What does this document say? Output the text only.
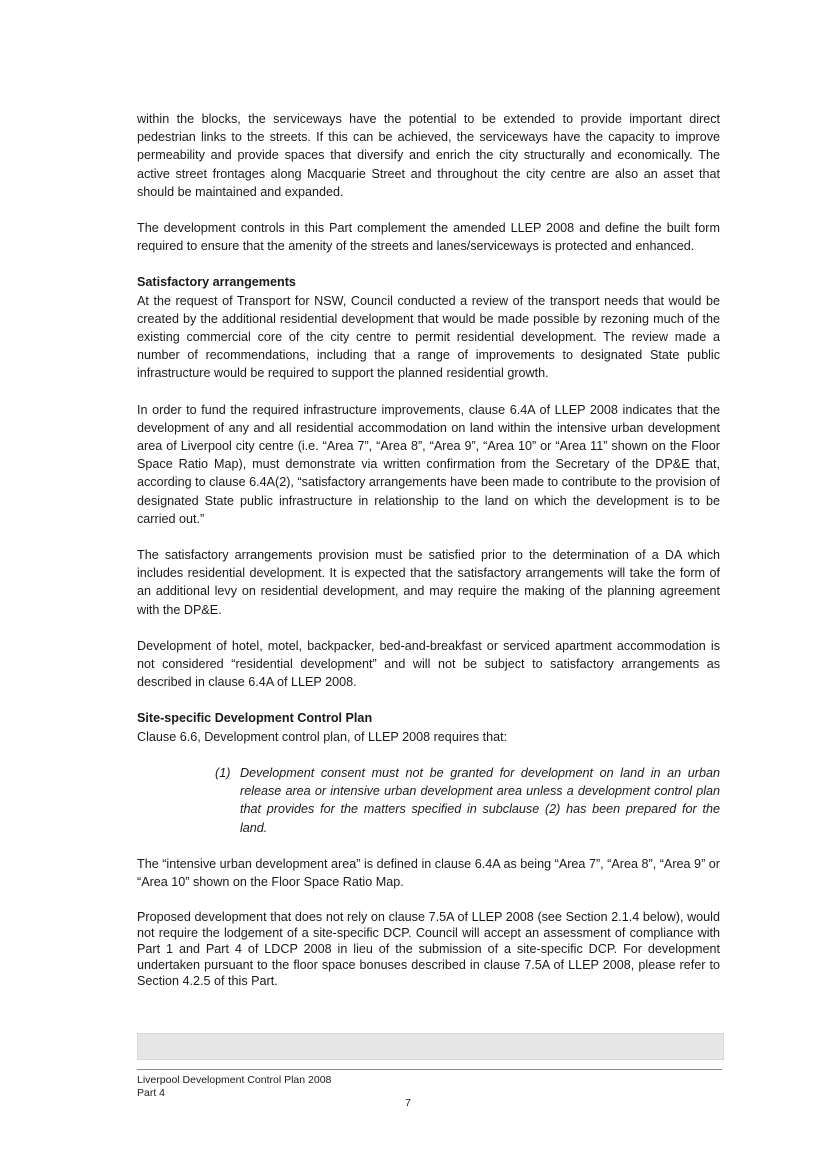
within the blocks, the serviceways have the potential to be extended to provide important direct pedestrian links to the streets. If this can be achieved, the serviceways have the capacity to improve permeability and provide spaces that diversify and enrich the city structurally and economically. The active street frontages along Macquarie Street and throughout the city centre are also an asset that should be maintained and expanded.

The development controls in this Part complement the amended LLEP 2008 and define the built form required to ensure that the amenity of the streets and lanes/serviceways is protected and enhanced.

Satisfactory arrangements

At the request of Transport for NSW, Council conducted a review of the transport needs that would be created by the additional residential development that would be made possible by rezoning much of the existing commercial core of the city centre to permit residential development. The review made a number of recommendations, including that a range of improvements to designated State public infrastructure would be required to support the planned residential growth.

In order to fund the required infrastructure improvements, clause 6.4A of LLEP 2008 indicates that the development of any and all residential accommodation on land within the intensive urban development area of Liverpool city centre (i.e. “Area 7”, “Area 8”, “Area 9”, “Area 10” or “Area 11” shown on the Floor Space Ratio Map), must demonstrate via written confirmation from the Secretary of the DP&E that, according to clause 6.4A(2), “satisfactory arrangements have been made to contribute to the provision of designated State public infrastructure in relationship to the land on which the development is to be carried out.”

The satisfactory arrangements provision must be satisfied prior to the determination of a DA which includes residential development. It is expected that the satisfactory arrangements will take the form of an additional levy on residential development, and may require the making of the planning agreement with the DP&E.

Development of hotel, motel, backpacker, bed-and-breakfast or serviced apartment accommodation is not considered “residential development” and will not be subject to satisfactory arrangements as described in clause 6.4A of LLEP 2008.

Site-specific Development Control Plan

Clause 6.6, Development control plan, of LLEP 2008 requires that:

(1) Development consent must not be granted for development on land in an urban release area or intensive urban development area unless a development control plan that provides for the matters specified in subclause (2) has been prepared for the land.

The “intensive urban development area” is defined in clause 6.4A as being “Area 7”, “Area 8”, “Area 9” or “Area 10” shown on the Floor Space Ratio Map.

Proposed development that does not rely on clause 7.5A of LLEP 2008 (see Section 2.1.4 below), would not require the lodgement of a site-specific DCP. Council will accept an assessment of compliance with Part 1 and Part 4 of LDCP 2008 in lieu of the submission of a site-specific DCP. For development undertaken pursuant to the floor space bonuses described in clause 7.5A of LLEP 2008, please refer to Section 4.2.5 of this Part.

Liverpool Development Control Plan 2008
Part 4
7
